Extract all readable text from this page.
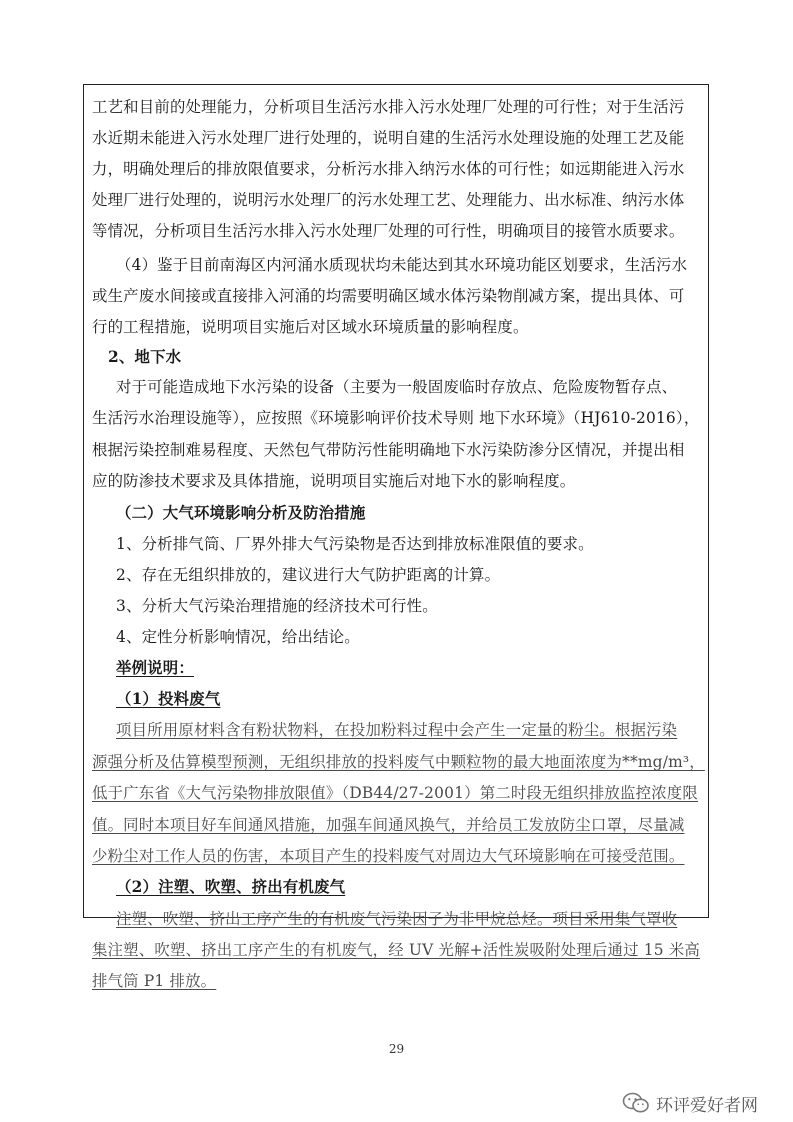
工艺和目前的处理能力，分析项目生活污水排入污水处理厂处理的可行性；对于生活污
水近期未能进入污水处理厂进行处理的，说明自建的生活污水处理设施的处理工艺及能
力，明确处理后的排放限值要求，分析污水排入纳污水体的可行性；如远期能进入污水
处理厂进行处理的，说明污水处理厂的污水处理工艺、处理能力、出水标准、纳污水体
等情况，分析项目生活污水排入污水处理厂处理的可行性，明确项目的接管水质要求。
（4）鉴于目前南海区内河涌水质现状均未能达到其水环境功能区划要求，生活污水
或生产废水间接或直接排入河涌的均需要明确区域水体污染物削减方案，提出具体、可
行的工程措施，说明项目实施后对区域水环境质量的影响程度。
2、地下水
对于可能造成地下水污染的设备（主要为一般固废临时存放点、危险废物暂存点、
生活污水治理设施等），应按照《环境影响评价技术导则 地下水环境》（HJ610-2016），
根据污染控制难易程度、天然包气带防污性能明确地下水污染防渗分区情况，并提出相
应的防渗技术要求及具体措施，说明项目实施后对地下水的影响程度。
（二）大气环境影响分析及防治措施
1、分析排气筒、厂界外排大气污染物是否达到排放标准限值的要求。
2、存在无组织排放的，建议进行大气防护距离的计算。
3、分析大气污染治理措施的经济技术可行性。
4、定性分析影响情况，给出结论。
举例说明：
（1）投料废气
项目所用原材料含有粉状物料，在投加粉料过程中会产生一定量的粉尘。根据污染
源强分析及估算模型预测，无组织排放的投料废气中颗粒物的最大地面浓度为**mg/m³，
低于广东省《大气污染物排放限值》（DB44/27-2001）第二时段无组织排放监控浓度限
值。同时本项目好车间通风措施，加强车间通风换气，并给员工发放防尘口罩，尽量减
少粉尘对工作人员的伤害，本项目产生的投料废气对周边大气环境影响在可接受范围。
（2）注塑、吹塑、挤出有机废气
注塑、吹塑、挤出工序产生的有机废气污染因子为非甲烷总烃。项目采用集气罩收
集注塑、吹塑、挤出工序产生的有机废气，经 UV 光解+活性炭吸附处理后通过 15 米高
排气筒 P1 排放。
29
环评爱好者网
